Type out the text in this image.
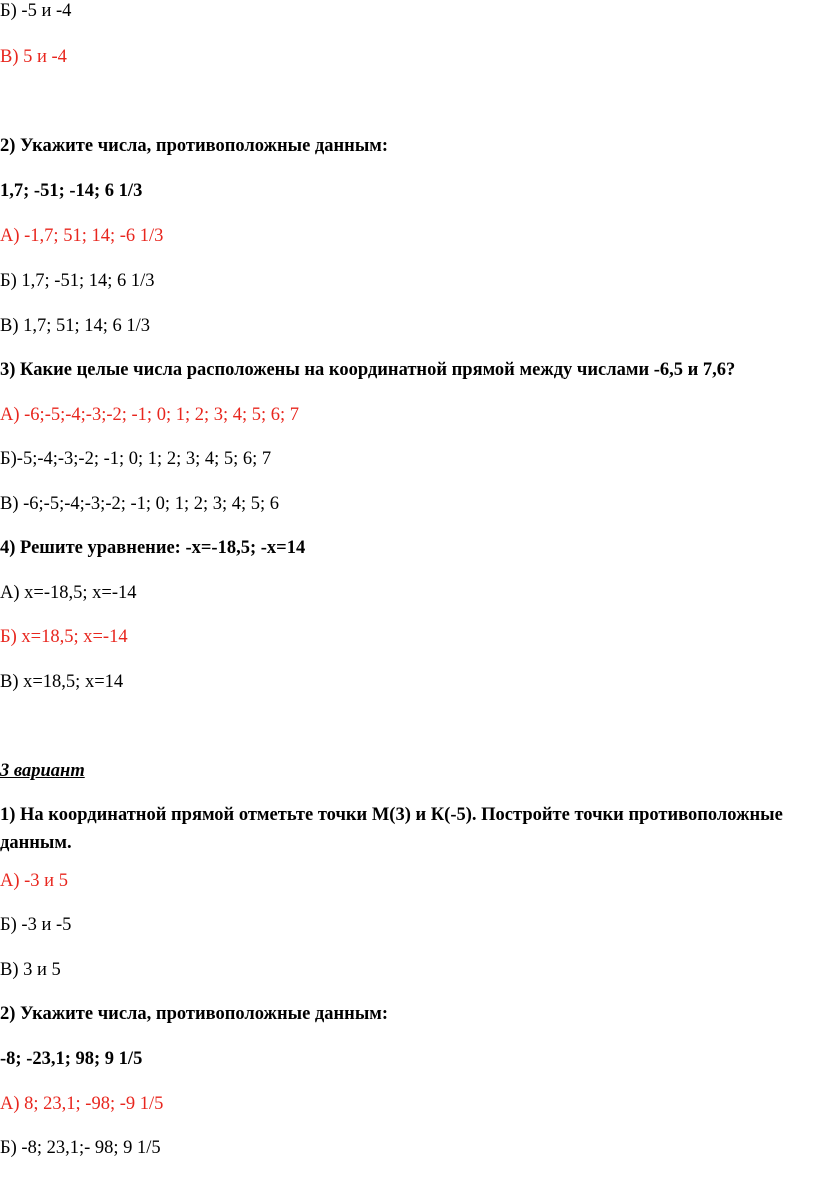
Б) -5 и -4
В) 5 и -4
2) Укажите числа, противоположные данным:
1,7; -51; -14; 6 1/3
А) -1,7; 51; 14; -6 1/3
Б) 1,7; -51; 14; 6 1/3
В) 1,7; 51; 14; 6 1/3
3) Какие целые числа расположены на координатной прямой между числами -6,5 и 7,6?
А) -6;-5;-4;-3;-2; -1; 0; 1; 2; 3; 4; 5; 6; 7
Б)-5;-4;-3;-2; -1; 0; 1; 2; 3; 4; 5; 6; 7
В) -6;-5;-4;-3;-2; -1; 0; 1; 2; 3; 4; 5; 6
4) Решите уравнение: -х=-18,5; -х=14
А) х=-18,5; х=-14
Б) х=18,5; х=-14
В) х=18,5; х=14
3 вариант
1) На координатной прямой отметьте точки М(3) и К(-5). Постройте точки противоположные данным.
А) -3 и 5
Б) -3 и -5
В) 3 и 5
2) Укажите числа, противоположные данным:
-8; -23,1; 98; 9 1/5
А) 8; 23,1; -98; -9 1/5
Б) -8; 23,1;- 98; 9 1/5
